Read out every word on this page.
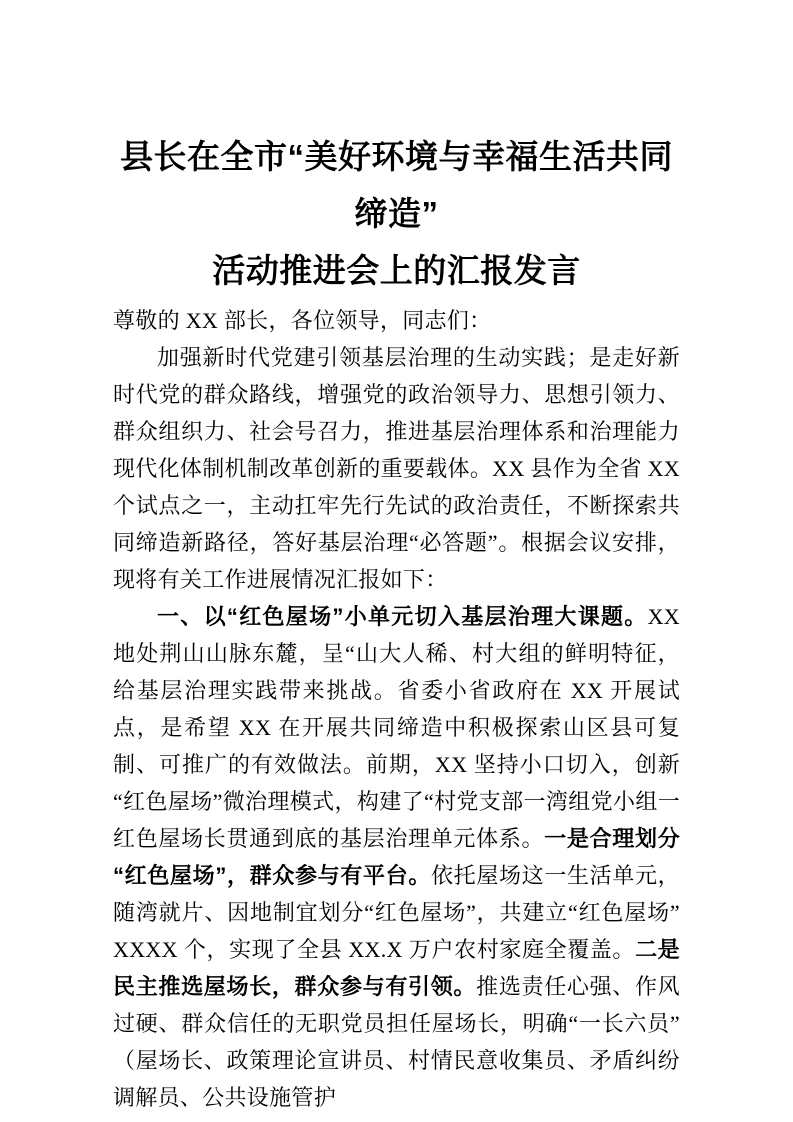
县长在全市“美好环境与幸福生活共同缔造”
活动推进会上的汇报发言

尊敬的 XX 部长，各位领导，同志们：

加强新时代党建引领基层治理的生动实践；是走好新时代党的群众路线，增强党的政治领导力、思想引领力、群众组织力、社会号召力，推进基层治理体系和治理能力现代化体制机制改革创新的重要载体。XX 县作为全省 XX 个试点之一，主动扛牢先行先试的政治责任，不断探索共同缔造新路径，答好基层治理“必答题”。根据会议安排，现将有关工作进展情况汇报如下：

一、以“红色屋场”小单元切入基层治理大课题。XX 地处荆山山脉东麓，呈“山大人稀、村大组的鲜明特征，给基层治理实践带来挑战。省委小省政府在 XX 开展试点，是希望 XX 在开展共同缔造中积极探索山区县可复制、可推广的有效做法。前期，XX 坚持小口切入，创新“红色屋场”微治理模式，构建了“村党支部一湾组党小组一红色屋场长贯通到底的基层治理单元体系。一是合理划分“红色屋场”，群众参与有平台。依托屋场这一生活单元，随湾就片、因地制宜划分“红色屋场”，共建立“红色屋场”XXXX 个，实现了全县 XX.X 万户农村家庭全覆盖。二是民主推选屋场长，群众参与有引领。推选责任心强、作风过硬、群众信任的无职党员担任屋场长，明确“一长六员”（屋场长、政策理论宣讲员、村情民意收集员、矛盾纠纷调解员、公共设施管护
